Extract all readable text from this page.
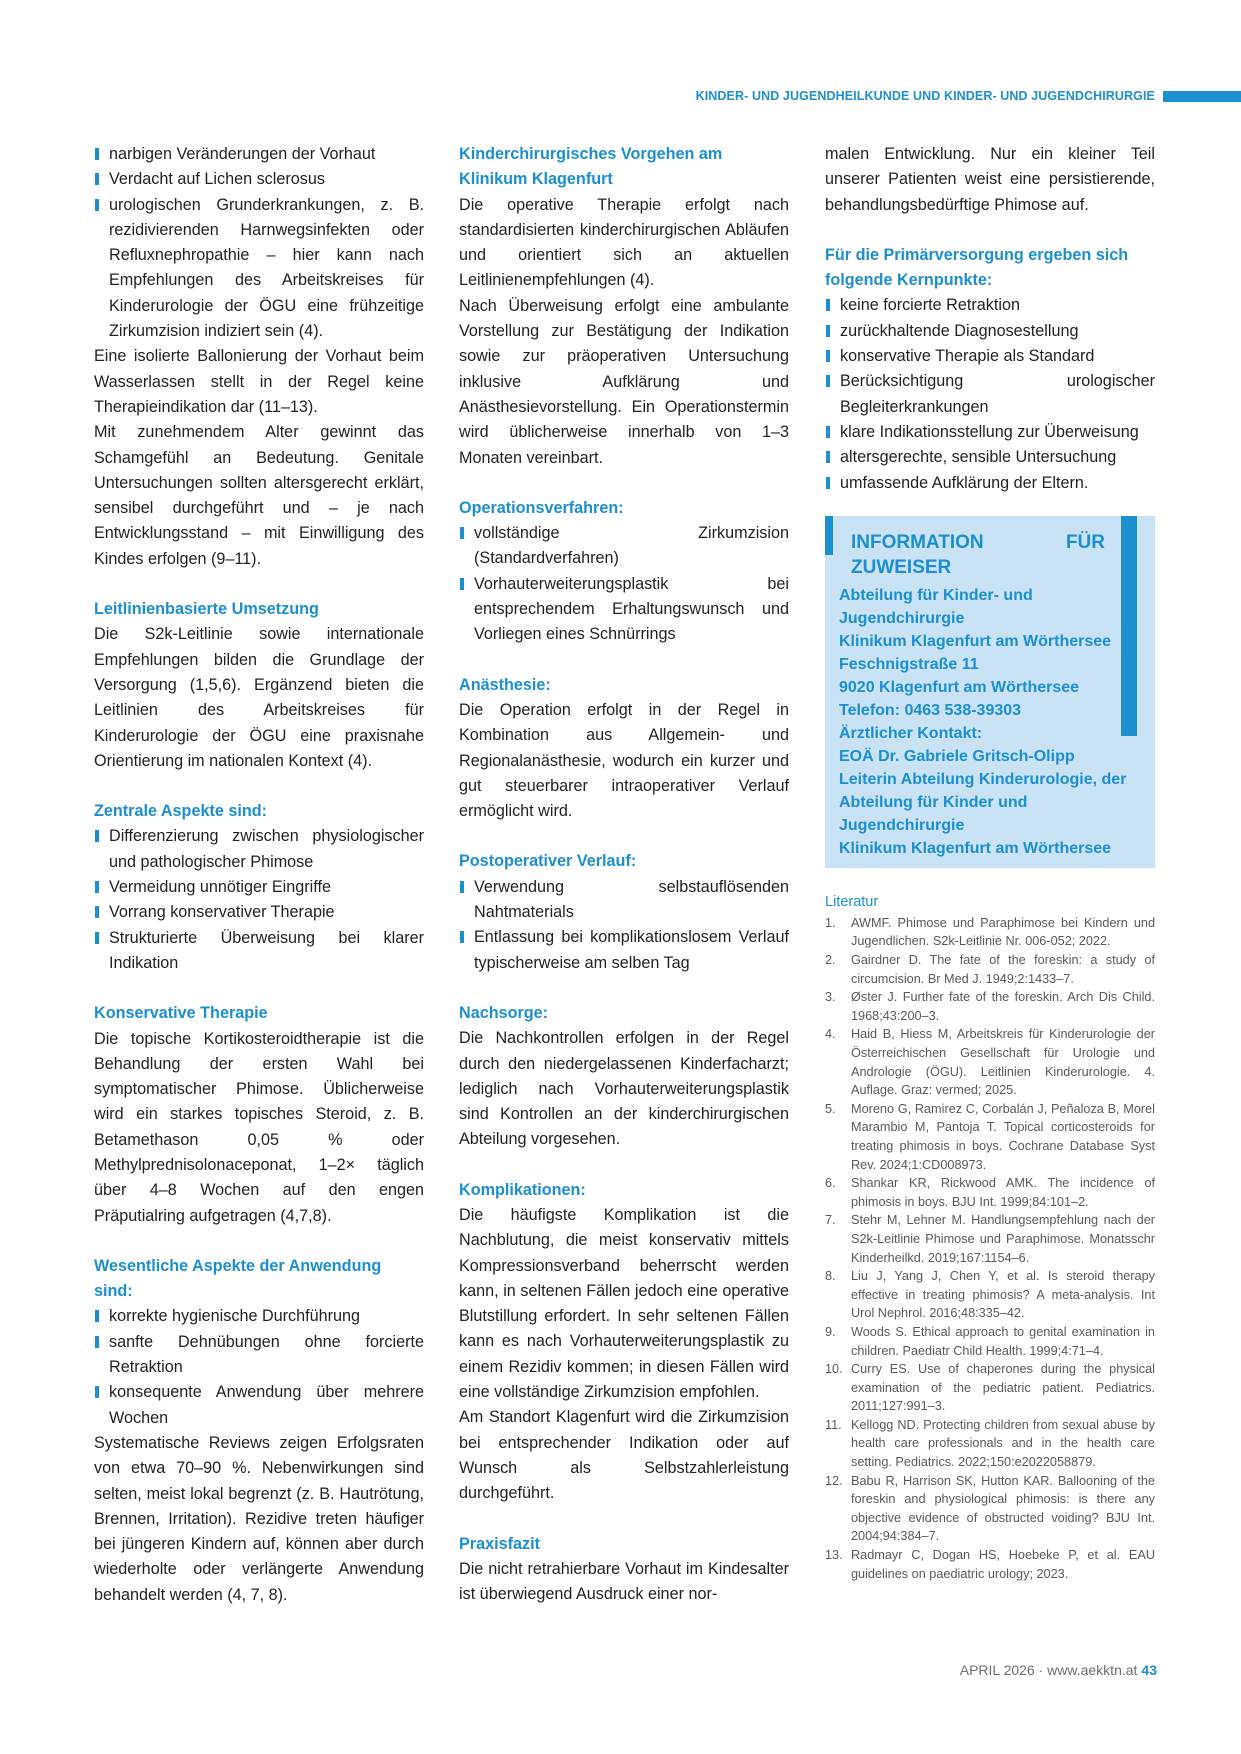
KINDER- UND JUGENDHEILKUNDE UND KINDER- UND JUGENDCHIRURGIE
narbigen Veränderungen der Vorhaut
Verdacht auf Lichen sclerosus
urologischen Grunderkrankungen, z. B. rezidivierenden Harnwegsinfekten oder Refluxnephropathie – hier kann nach Empfehlungen des Arbeitskreises für Kinderurologie der ÖGU eine frühzeitige Zirkumzision indiziert sein (4).

Eine isolierte Ballonierung der Vorhaut beim Wasserlassen stellt in der Regel keine Therapieindikation dar (11–13).

Mit zunehmendem Alter gewinnt das Schamgefühl an Bedeutung. Genitale Untersuchungen sollten altersgerecht erklärt, sensibel durchgeführt und – je nach Entwicklungsstand – mit Einwilligung des Kindes erfolgen (9–11).

Leitlinienbasierte Umsetzung

Die S2k-Leitlinie sowie internationale Empfehlungen bilden die Grundlage der Versorgung (1,5,6). Ergänzend bieten die Leitlinien des Arbeitskreises für Kinderurologie der ÖGU eine praxisnahe Orientierung im nationalen Kontext (4).

Zentrale Aspekte sind:

Differenzierung zwischen physiologischer und pathologischer Phimose
Vermeidung unnötiger Eingriffe
Vorrang konservativer Therapie
Strukturierte Überweisung bei klarer Indikation

Konservative Therapie

Die topische Kortikosteroidtherapie ist die Behandlung der ersten Wahl bei symptomatischer Phimose. Üblicherweise wird ein starkes topisches Steroid, z. B. Betamethason 0,05 % oder Methylprednisolonaceponat, 1–2× täglich über 4–8 Wochen auf den engen Präputialring aufgetragen (4,7,8).

Wesentliche Aspekte der Anwendung sind:

korrekte hygienische Durchführung
sanfte Dehnübungen ohne forcierte Retraktion
konsequente Anwendung über mehrere Wochen

Systematische Reviews zeigen Erfolgsraten von etwa 70–90 %. Nebenwirkungen sind selten, meist lokal begrenzt (z. B. Hautrötung, Brennen, Irritation). Rezidive treten häufiger bei jüngeren Kindern auf, können aber durch wiederholte oder verlängerte Anwendung behandelt werden (4, 7, 8).

Kinderchirurgisches Vorgehen am Klinikum Klagenfurt

Die operative Therapie erfolgt nach standardisierten kinderchirurgischen Abläufen und orientiert sich an aktuellen Leitlinienempfehlungen (4).

Nach Überweisung erfolgt eine ambulante Vorstellung zur Bestätigung der Indikation sowie zur präoperativen Untersuchung inklusive Aufklärung und Anästhesievorstellung. Ein Operationstermin wird üblicherweise innerhalb von 1–3 Monaten vereinbart.

Operationsverfahren:

vollständige Zirkumzision (Standardverfahren)
Vorhauterweiterungsplastik bei entsprechendem Erhaltungswunsch und Vorliegen eines Schnürrings

Anästhesie:

Die Operation erfolgt in der Regel in Kombination aus Allgemein- und Regionalanästhesie, wodurch ein kurzer und gut steuerbarer intraoperativer Verlauf ermöglicht wird.

Postoperativer Verlauf:

Verwendung selbstauflösenden Nahtmaterials
Entlassung bei komplikationslosem Verlauf typischerweise am selben Tag

Nachsorge:

Die Nachkontrollen erfolgen in der Regel durch den niedergelassenen Kinderfacharzt; lediglich nach Vorhauterweiterungsplastik sind Kontrollen an der kinderchirurgischen Abteilung vorgesehen.

Komplikationen:

Die häufigste Komplikation ist die Nachblutung, die meist konservativ mittels Kompressionsverband beherrscht werden kann, in seltenen Fällen jedoch eine operative Blutstillung erfordert. In sehr seltenen Fällen kann es nach Vorhauterweiterungsplastik zu einem Rezidiv kommen; in diesen Fällen wird eine vollständige Zirkumzision empfohlen.

Am Standort Klagenfurt wird die Zirkumzision bei entsprechender Indikation oder auf Wunsch als Selbstzahlerleistung durchgeführt.

Praxisfazit

Die nicht retrahierbare Vorhaut im Kindesalter ist überwiegend Ausdruck einer nor-

malen Entwicklung. Nur ein kleiner Teil unserer Patienten weist eine persistierende, behandlungsbedürftige Phimose auf.

Für die Primärversorgung ergeben sich folgende Kernpunkte:

keine forcierte Retraktion
zurückhaltende Diagnosestellung
konservative Therapie als Standard
Berücksichtigung urologischer Begleiterkrankungen
klare Indikationsstellung zur Überweisung
altersgerechte, sensible Untersuchung
umfassende Aufklärung der Eltern.
INFORMATION FÜR ZUWEISER
Abteilung für Kinder- und Jugendchirurgie
Klinikum Klagenfurt am Wörthersee
Feschnigstraße 11
9020 Klagenfurt am Wörthersee
Telefon: 0463 538-39303
Ärztlicher Kontakt:
EOÄ Dr. Gabriele Gritsch-Olipp
Leiterin Abteilung Kinderurologie, der Abteilung für Kinder und Jugendchirurgie
Klinikum Klagenfurt am Wörthersee
Literatur
1. AWMF. Phimose und Paraphimose bei Kindern und Jugendlichen. S2k-Leitlinie Nr. 006-052; 2022.
2. Gairdner D. The fate of the foreskin: a study of circumcision. Br Med J. 1949;2:1433–7.
3. Øster J. Further fate of the foreskin. Arch Dis Child. 1968;43:200–3.
4. Haid B, Hiess M, Arbeitskreis für Kinderurologie der Österreichischen Gesellschaft für Urologie und Andrologie (ÖGU). Leitlinien Kinderurologie. 4. Auflage. Graz: vermed; 2025.
5. Moreno G, Ramirez C, Corbalán J, Peñaloza B, Morel Marambio M, Pantoja T. Topical corticosteroids for treating phimosis in boys. Cochrane Database Syst Rev. 2024;1:CD008973.
6. Shankar KR, Rickwood AMK. The incidence of phimosis in boys. BJU Int. 1999;84:101–2.
7. Stehr M, Lehner M. Handlungsempfehlung nach der S2k-Leitlinie Phimose und Paraphimose. Monatsschr Kinderheilkd. 2019;167:1154–6.
8. Liu J, Yang J, Chen Y, et al. Is steroid therapy effective in treating phimosis? A meta-analysis. Int Urol Nephrol. 2016;48:335–42.
9. Woods S. Ethical approach to genital examination in children. Paediatr Child Health. 1999;4:71–4.
10. Curry ES. Use of chaperones during the physical examination of the pediatric patient. Pediatrics. 2011;127:991–3.
11. Kellogg ND. Protecting children from sexual abuse by health care professionals and in the health care setting. Pediatrics. 2022;150:e2022058879.
12. Babu R, Harrison SK, Hutton KAR. Ballooning of the foreskin and physiological phimosis: is there any objective evidence of obstructed voiding? BJU Int. 2004;94:384–7.
13. Radmayr C, Dogan HS, Hoebeke P, et al. EAU guidelines on paediatric urology; 2023.
APRIL 2026 · www.aekktn.at 43
